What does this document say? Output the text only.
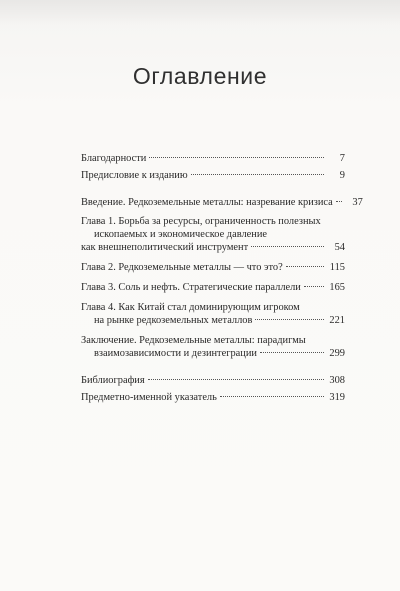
Оглавление
Благодарности	7
Предисловие к изданию	9
Введение. Редкоземельные металлы: назревание кризиса	37
Глава 1. Борьба за ресурсы, ограниченность полезных
ископаемых и экономическое давление
как внешнеполитический инструмент	54
Глава 2. Редкоземельные металлы — что это?	115
Глава 3. Соль и нефть. Стратегические параллели	165
Глава 4. Как Китай стал доминирующим игроком
на рынке редкоземельных металлов	221
Заключение. Редкоземельные металлы: парадигмы
взаимозависимости и дезинтеграции	299
Библиография	308
Предметно-именной указатель	319
